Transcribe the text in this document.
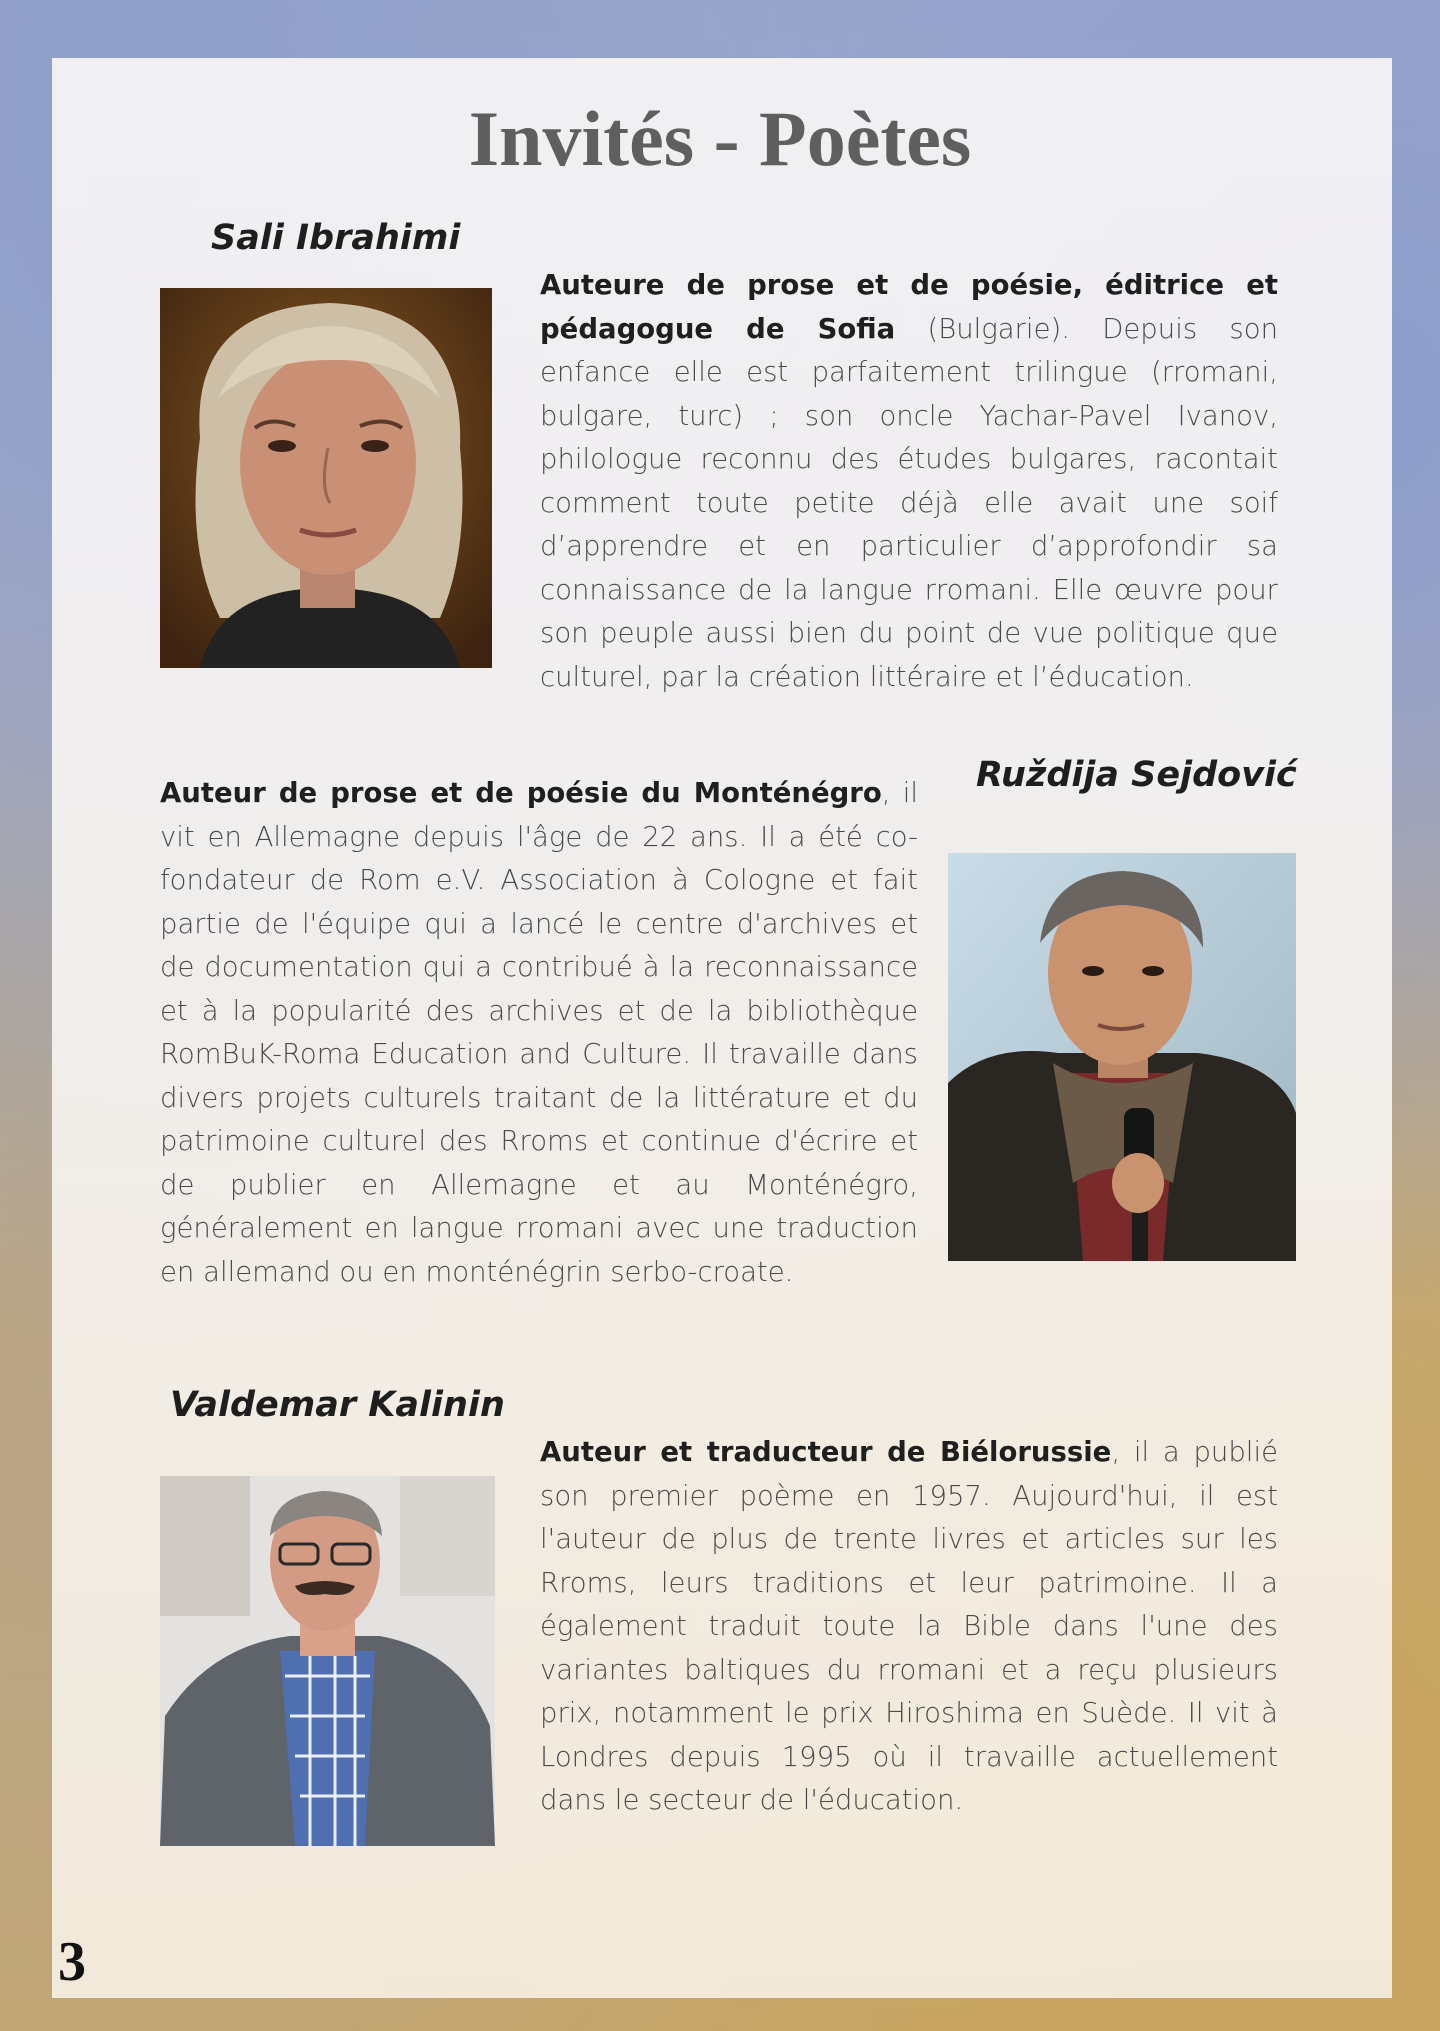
Invités - Poètes
Sali Ibrahimi

Auteure de prose et de poésie, éditrice et pédagogue de Sofia (Bulgarie). Depuis son enfance elle est parfaitement trilingue (rromani, bulgare, turc) ; son oncle Yachar-Pavel Ivanov, philologue reconnu des études bulgares, racontait comment toute petite déjà elle avait une soif d’apprendre et en particulier d’approfondir sa connaissance de la langue rromani. Elle œuvre pour son peuple aussi bien du point de vue politique que culturel, par la création littéraire et l’éducation.

Ruždija Sejdović

Auteur de prose et de poésie du Monténégro, il vit en Allemagne depuis l'âge de 22 ans. Il a été co-fondateur de Rom e.V. Association à Cologne et fait partie de l'équipe qui a lancé le centre d'archives et de documentation qui a contribué à la reconnaissance et à la popularité des archives et de la bibliothèque RomBuK-Roma Education and Culture. Il travaille dans divers projets culturels traitant de la littérature et du patrimoine culturel des Rroms et continue d'écrire et de publier en Allemagne et au Monténégro, généralement en langue rromani avec une traduction en allemand ou en monténégrin serbo-croate.

Valdemar Kalinin

Auteur et traducteur de Biélorussie, il a publié son premier poème en 1957. Aujourd'hui, il est l'auteur de plus de trente livres et articles sur les Rroms, leurs traditions et leur patrimoine. Il a également traduit toute la Bible dans l'une des variantes baltiques du rromani et a reçu plusieurs prix, notamment le prix Hiroshima en Suède. Il vit à Londres depuis 1995 où il travaille actuellement dans le secteur de l'éducation.

3
